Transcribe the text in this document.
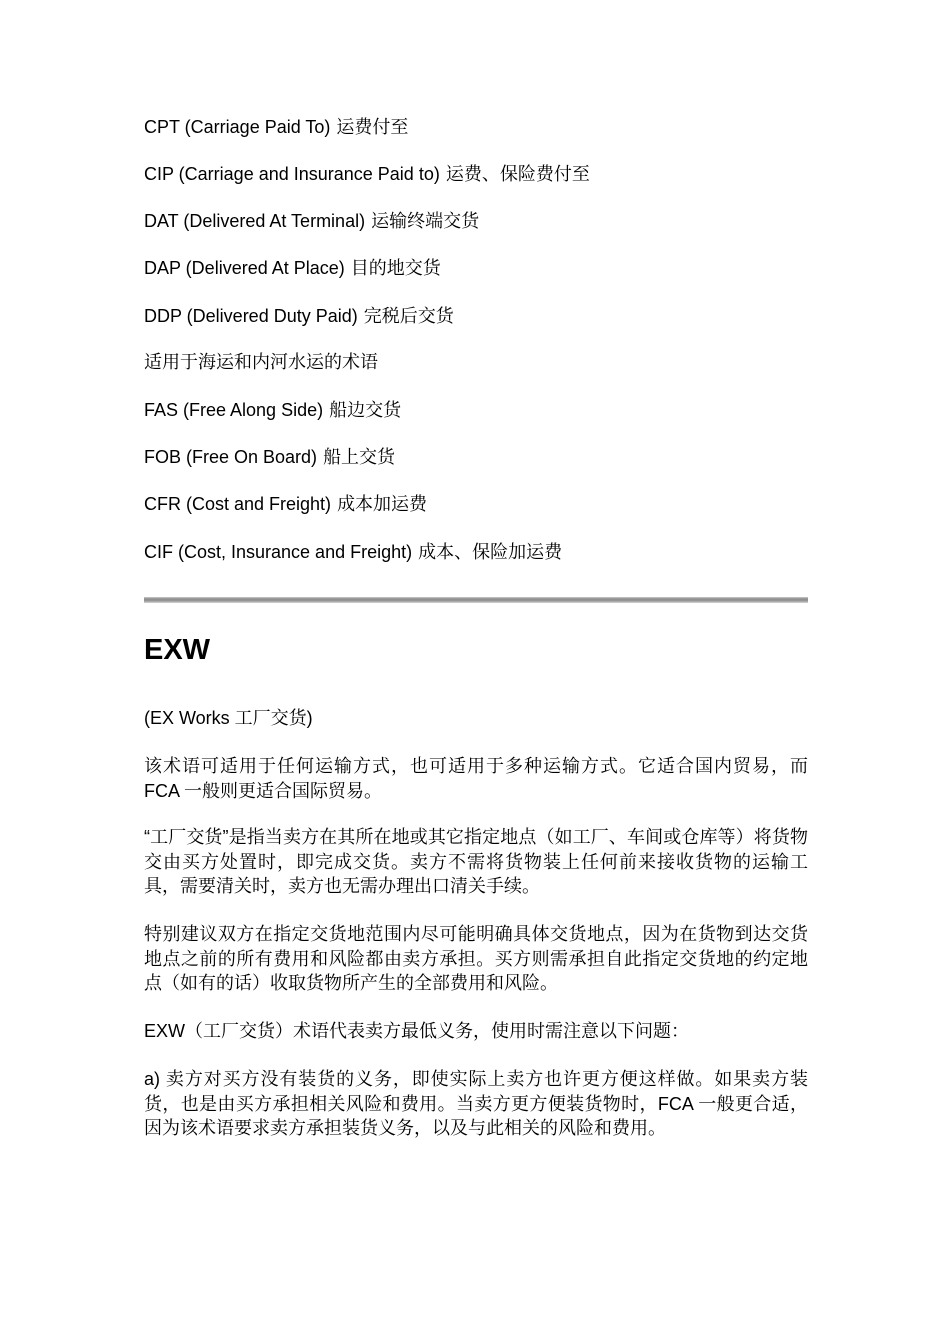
CPT (Carriage Paid To) 运费付至
CIP (Carriage and Insurance Paid to) 运费、保险费付至
DAT (Delivered At Terminal) 运输终端交货
DAP (Delivered At Place) 目的地交货
DDP (Delivered Duty Paid) 完税后交货
适用于海运和内河水运的术语
FAS (Free Along Side) 船边交货
FOB (Free On Board) 船上交货
CFR (Cost and Freight) 成本加运费
CIF (Cost, Insurance and Freight) 成本、保险加运费
EXW
(EX Works 工厂交货)
该术语可适用于任何运输方式，也可适用于多种运输方式。它适合国内贸易，而 FCA 一般则更适合国际贸易。
“工厂交货”是指当卖方在其所在地或其它指定地点（如工厂、车间或仓库等）将货物交由买方处置时，即完成交货。卖方不需将货物装上任何前来接收货物的运输工具，需要清关时，卖方也无需办理出口清关手续。
特别建议双方在指定交货地范围内尽可能明确具体交货地点，因为在货物到达交货地点之前的所有费用和风险都由卖方承担。买方则需承担自此指定交货地的约定地点（如有的话）收取货物所产生的全部费用和风险。
EXW（工厂交货）术语代表卖方最低义务，使用时需注意以下问题：
a) 卖方对买方没有装货的义务，即使实际上卖方也许更方便这样做。如果卖方装货，也是由买方承担相关风险和费用。当卖方更方便装货物时，FCA 一般更合适，因为该术语要求卖方承担装货义务，以及与此相关的风险和费用。
